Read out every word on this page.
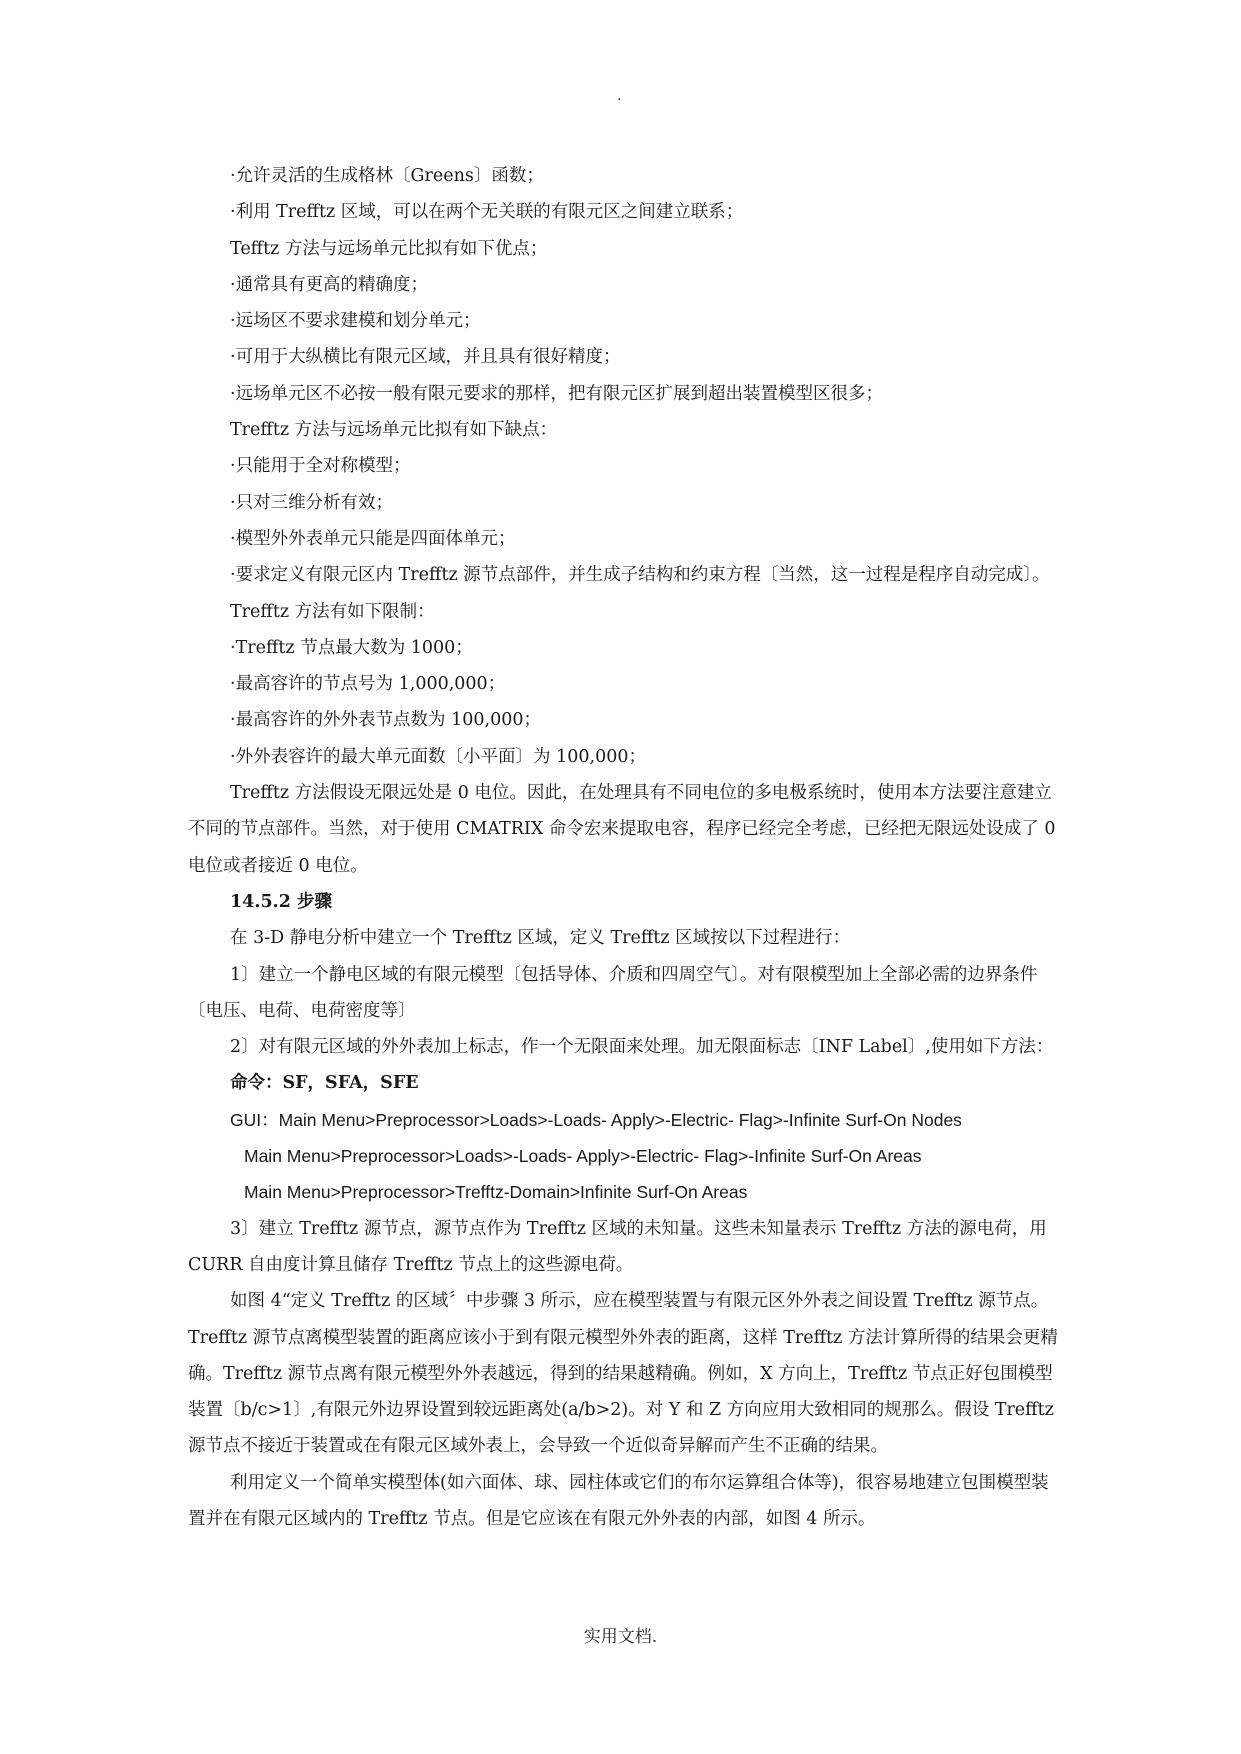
.

·允许灵活的生成格林〔Greens〕函数；

·利用 Trefftz 区域，可以在两个无关联的有限元区之间建立联系；

Tefftz 方法与远场单元比拟有如下优点；

·通常具有更高的精确度；

·远场区不要求建模和划分单元；

·可用于大纵横比有限元区域，并且具有很好精度；

·远场单元区不必按一般有限元要求的那样，把有限元区扩展到超出装置模型区很多；

Trefftz 方法与远场单元比拟有如下缺点：

·只能用于全对称模型；

·只对三维分析有效；

·模型外外表单元只能是四面体单元；

·要求定义有限元区内 Trefftz 源节点部件，并生成子结构和约束方程〔当然，这一过程是程序自动完成〕。

Trefftz 方法有如下限制：

·Trefftz 节点最大数为 1000；

·最高容许的节点号为 1,000,000；

·最高容许的外外表节点数为 100,000；

·外外表容许的最大单元面数〔小平面〕为 100,000；

Trefftz 方法假设无限远处是 0 电位。因此，在处理具有不同电位的多电极系统时，使用本方法要注意建立不同的节点部件。当然，对于使用 CMATRIX 命令宏来提取电容，程序已经完全考虑，已经把无限远处设成了 0 电位或者接近 0 电位。

14.5.2 步骤

在 3-D 静电分析中建立一个 Trefftz 区域，定义 Trefftz 区域按以下过程进行：

1〕建立一个静电区域的有限元模型〔包括导体、介质和四周空气〕。对有限模型加上全部必需的边界条件〔电压、电荷、电荷密度等〕

2〕对有限元区域的外外表加上标志，作一个无限面来处理。加无限面标志〔INF Label〕,使用如下方法：

命令：SF，SFA，SFE

GUI：Main Menu>Preprocessor>Loads>-Loads- Apply>-Electric- Flag>-Infinite Surf-On Nodes

Main Menu>Preprocessor>Loads>-Loads- Apply>-Electric- Flag>-Infinite Surf-On Areas

Main Menu>Preprocessor>Trefftz-Domain>Infinite Surf-On Areas

3〕建立 Trefftz 源节点，源节点作为 Trefftz 区域的未知量。这些未知量表示 Trefftz 方法的源电荷，用 CURR 自由度计算且储存 Trefftz 节点上的这些源电荷。

如图 4“定义 Trefftz 的区域〞中步骤 3 所示，应在模型装置与有限元区外外表之间设置 Trefftz 源节点。Trefftz 源节点离模型装置的距离应该小于到有限元模型外外表的距离，这样 Trefftz 方法计算所得的结果会更精确。Trefftz 源节点离有限元模型外外表越远，得到的结果越精确。例如，X 方向上，Trefftz 节点正好包围模型装置〔b/c>1〕,有限元外边界设置到较远距离处(a/b>2)。对 Y 和 Z 方向应用大致相同的规那么。假设 Trefftz 源节点不接近于装置或在有限元区域外表上，会导致一个近似奇异解而产生不正确的结果。

利用定义一个简单实模型体(如六面体、球、园柱体或它们的布尔运算组合体等)，很容易地建立包围模型装置并在有限元区域内的 Trefftz 节点。但是它应该在有限元外外表的内部，如图 4 所示。

实用文档.
